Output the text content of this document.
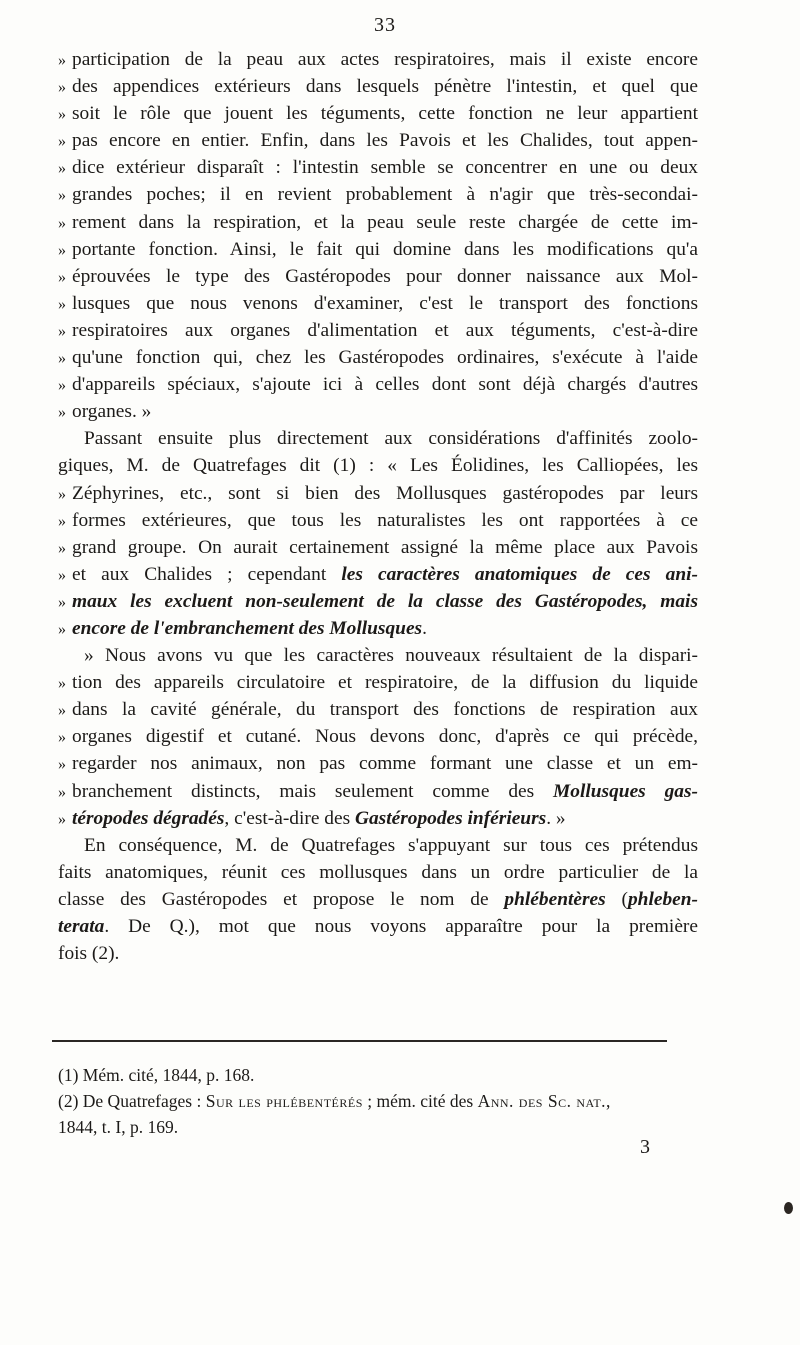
33
» participation de la peau aux actes respiratoires, mais il existe encore
» des appendices extérieurs dans lesquels pénètre l'intestin, et quel que
» soit le rôle que jouent les téguments, cette fonction ne leur appartient
» pas encore en entier. Enfin, dans les Pavois et les Chalides, tout appen-
» dice extérieur disparaît : l'intestin semble se concentrer en une ou deux
» grandes poches; il en revient probablement à n'agir que très-secondai-
» rement dans la respiration, et la peau seule reste chargée de cette im-
» portante fonction. Ainsi, le fait qui domine dans les modifications qu'a
» éprouvées le type des Gastéropodes pour donner naissance aux Mol-
» lusques que nous venons d'examiner, c'est le transport des fonctions
» respiratoires aux organes d'alimentation et aux téguments, c'est-à-dire
» qu'une fonction qui, chez les Gastéropodes ordinaires, s'exécute à l'aide
» d'appareils spéciaux, s'ajoute ici à celles dont sont déjà chargés d'autres
» organes. »
Passant ensuite plus directement aux considérations d'affinités zoolo-
giques, M. de Quatrefages dit (1) : « Les Éolidines, les Calliopées, les
» Zéphyrines, etc., sont si bien des Mollusques gastéropodes par leurs
» formes extérieures, que tous les naturalistes les ont rapportées à ce
» grand groupe. On aurait certainement assigné la même place aux Pavois
» et aux Chalides ; cependant les caractères anatomiques de ces ani-
» maux les excluent non-seulement de la classe des Gastéropodes, mais
» encore de l'embranchement des Mollusques.
» Nous avons vu que les caractères nouveaux résultaient de la dispari-
» tion des appareils circulatoire et respiratoire, de la diffusion du liquide
» dans la cavité générale, du transport des fonctions de respiration aux
» organes digestif et cutané. Nous devons donc, d'après ce qui précède,
» regarder nos animaux, non pas comme formant une classe et un em-
» branchement distincts, mais seulement comme des Mollusques gas-
» téropodes dégradés, c'est-à-dire des Gastéropodes inférieurs. »
En conséquence, M. de Quatrefages s'appuyant sur tous ces prétendus
faits anatomiques, réunit ces mollusques dans un ordre particulier de la
classe des Gastéropodes et propose le nom de phlébentères (phleben-
terata. De Q.), mot que nous voyons apparaître pour la première
fois (2).
(1) Mém. cité, 1844, p. 168.
(2) De Quatrefages : Sur les phlébentérés ; mém. cité des Ann. des Sc. nat.,
1844, t. I, p. 169.
3
